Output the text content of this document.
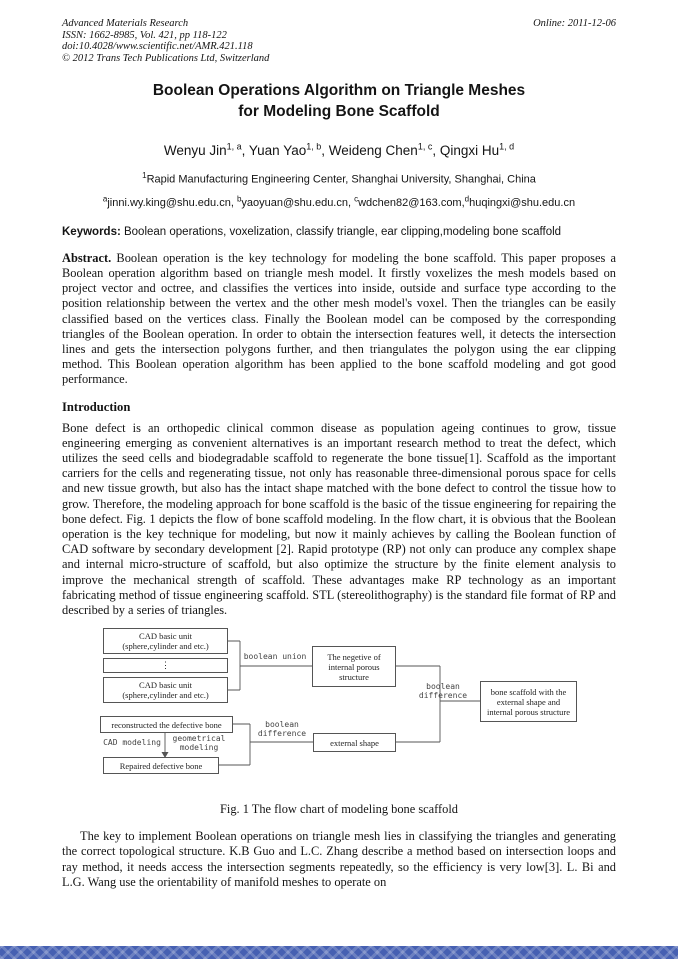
Advanced Materials Research
ISSN: 1662-8985, Vol. 421, pp 118-122
doi:10.4028/www.scientific.net/AMR.421.118
© 2012 Trans Tech Publications Ltd, Switzerland
Online: 2011-12-06
Boolean Operations Algorithm on Triangle Meshes
for Modeling Bone Scaffold
Wenyu Jin$^{1, a}$, Yuan Yao$^{1, b}$, Weideng Chen$^{1, c}$, Qingxi Hu$^{1, d}$
$^1$Rapid Manufacturing Engineering Center, Shanghai University, Shanghai, China
$^a$jinni.wy.king@shu.edu.cn, $^b$yaoyuan@shu.edu.cn, $^c$wdchen82@163.com,$^d$huqingxi@shu.edu.cn
Keywords: Boolean operations, voxelization, classify triangle, ear clipping,modeling bone scaffold

Abstract. Boolean operation is the key technology for modeling the bone scaffold. This paper proposes a Boolean operation algorithm based on triangle mesh model. It firstly voxelizes the mesh models based on project vector and octree, and classifies the vertices into inside, outside and surface type according to the position relationship between the vertex and the other mesh model's voxel. Then the triangles can be easily classified based on the vertices class. Finally the Boolean model can be composed by the corresponding triangles of the Boolean operation. In order to obtain the intersection features well, it detects the intersection lines and gets the intersection polygons further, and then triangulates the polygon using the ear clipping method. This Boolean operation algorithm has been applied to the bone scaffold modeling and got good performance.

Introduction

Bone defect is an orthopedic clinical common disease as population ageing continues to grow, tissue engineering emerging as convenient alternatives is an important research method to treat the defect, which utilizes the seed cells and biodegradable scaffold to regenerate the bone tissue[1]. Scaffold as the important carriers for the cells and regenerating tissue, not only has reasonable three-dimensional porous space for cells and new tissue growth, but also has the intact shape matched with the bone defect to control the tissue how to grow. Therefore, the modeling approach for bone scaffold is the basic of the tissue engineering for repairing the bone defect. Fig. 1 depicts the flow of bone scaffold modeling. In the flow chart, it is obvious that the Boolean operation is the key technique for modeling, but now it mainly achieves by calling the Boolean function of CAD software by secondary development [2]. Rapid prototype (RP) not only can produce any complex shape and internal micro-structure of scaffold, but also optimize the structure by the finite element analysis to improve the mechanical strength of scaffold. These advantages make RP technology as an important fabricating method of tissue engineering scaffold. STL (stereolithography) is the standard file format of RP and described by a series of triangles.

CAD basic unit
(sphere,cylinder and etc.)
⋮
CAD basic unit
(sphere,cylinder and etc.)
The negetive of
internal porous
structure
reconstructed the defective bone
Repaired defective bone
external shape
bone scaffold with the
external shape and
internal porous structure
boolean union
boolean
difference
boolean
difference
CAD modeling	geometrical
modeling
Fig. 1 The flow chart of modeling bone scaffold

The key to implement Boolean operations on triangle mesh lies in classifying the triangles and generating the correct topological structure. K.B Guo and L.C. Zhang describe a method based on intersection loops and ray method, it needs access the intersection segments repeatedly, so the efficiency is very low[3]. L. Bi and L.G. Wang use the orientability of manifold meshes to operate on
